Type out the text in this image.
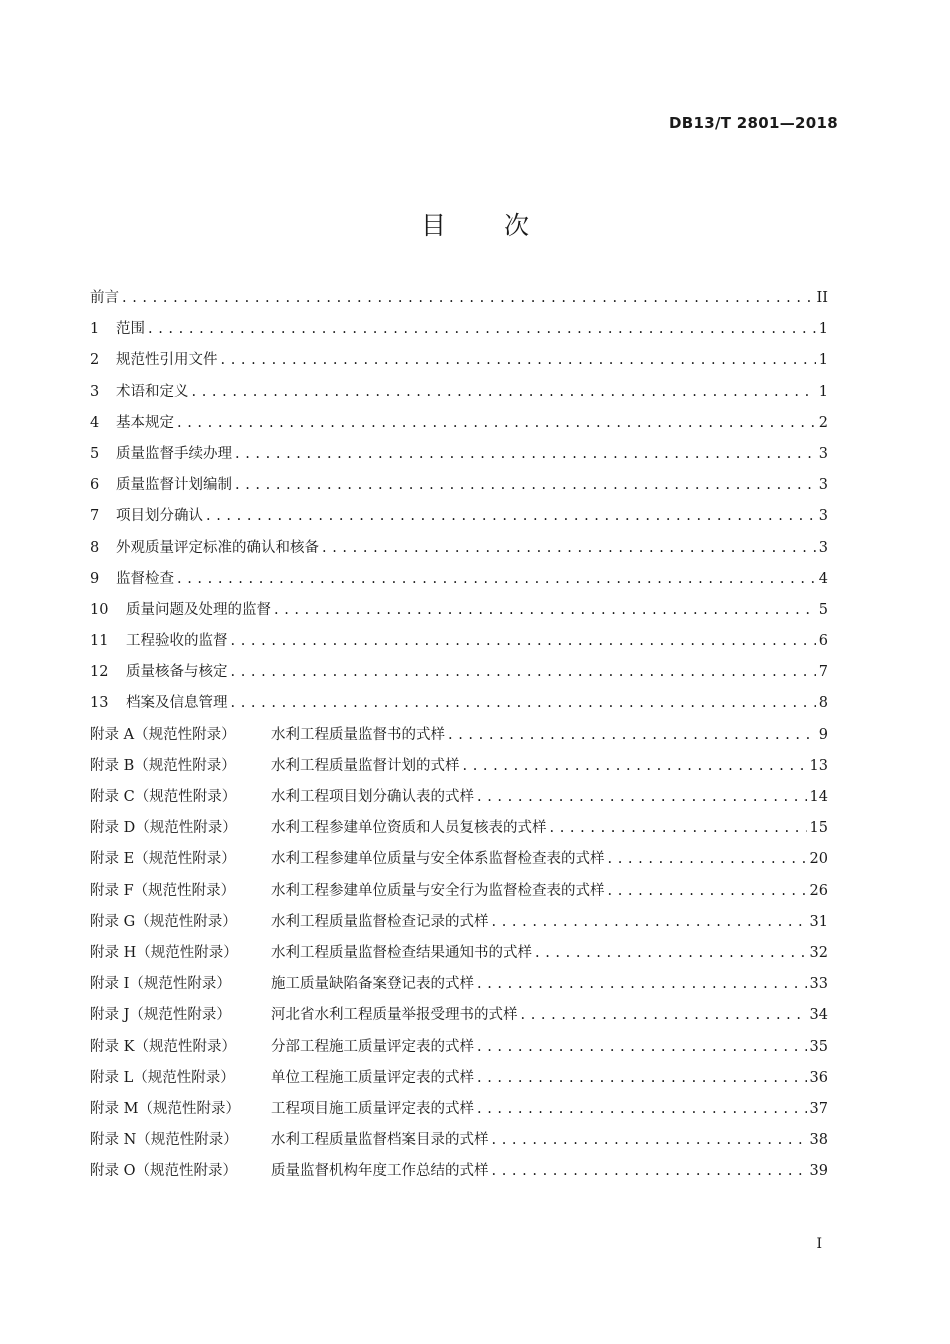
DB13/T 2801—2018
目次
前言 . . .	II
1	范围 . . .	1
2	规范性引用文件 . . .	1
3	术语和定义 . . .	1
4	基本规定 . . .	2
5	质量监督手续办理 . . .	3
6	质量监督计划编制 . . .	3
7	项目划分确认 . . .	3
8	外观质量评定标准的确认和核备 . . .	3
9	监督检查 . . .	4
10	质量问题及处理的监督 . . .	5
11	工程验收的监督 . . .	6
12	质量核备与核定 . . .	7
13	档案及信息管理 . . .	8
附录 A（规范性附录）	水利工程质量监督书的式样 . . .	9
附录 B（规范性附录）	水利工程质量监督计划的式样 . . .	13
附录 C（规范性附录）	水利工程项目划分确认表的式样 . . .	14
附录 D（规范性附录）	水利工程参建单位资质和人员复核表的式样 . . .	15
附录 E（规范性附录）	水利工程参建单位质量与安全体系监督检查表的式样 . . .	20
附录 F（规范性附录）	水利工程参建单位质量与安全行为监督检查表的式样 . . .	26
附录 G（规范性附录）	水利工程质量监督检查记录的式样 . . .	31
附录 H（规范性附录）	水利工程质量监督检查结果通知书的式样 . . .	32
附录 I（规范性附录）	施工质量缺陷备案登记表的式样 . . .	33
附录 J（规范性附录）	河北省水利工程质量举报受理书的式样 . . .	34
附录 K（规范性附录）	分部工程施工质量评定表的式样 . . .	35
附录 L（规范性附录）	单位工程施工质量评定表的式样 . . .	36
附录 M（规范性附录）	工程项目施工质量评定表的式样 . . .	37
附录 N（规范性附录）	水利工程质量监督档案目录的式样 . . .	38
附录 O（规范性附录）	质量监督机构年度工作总结的式样 . . .	39
I
